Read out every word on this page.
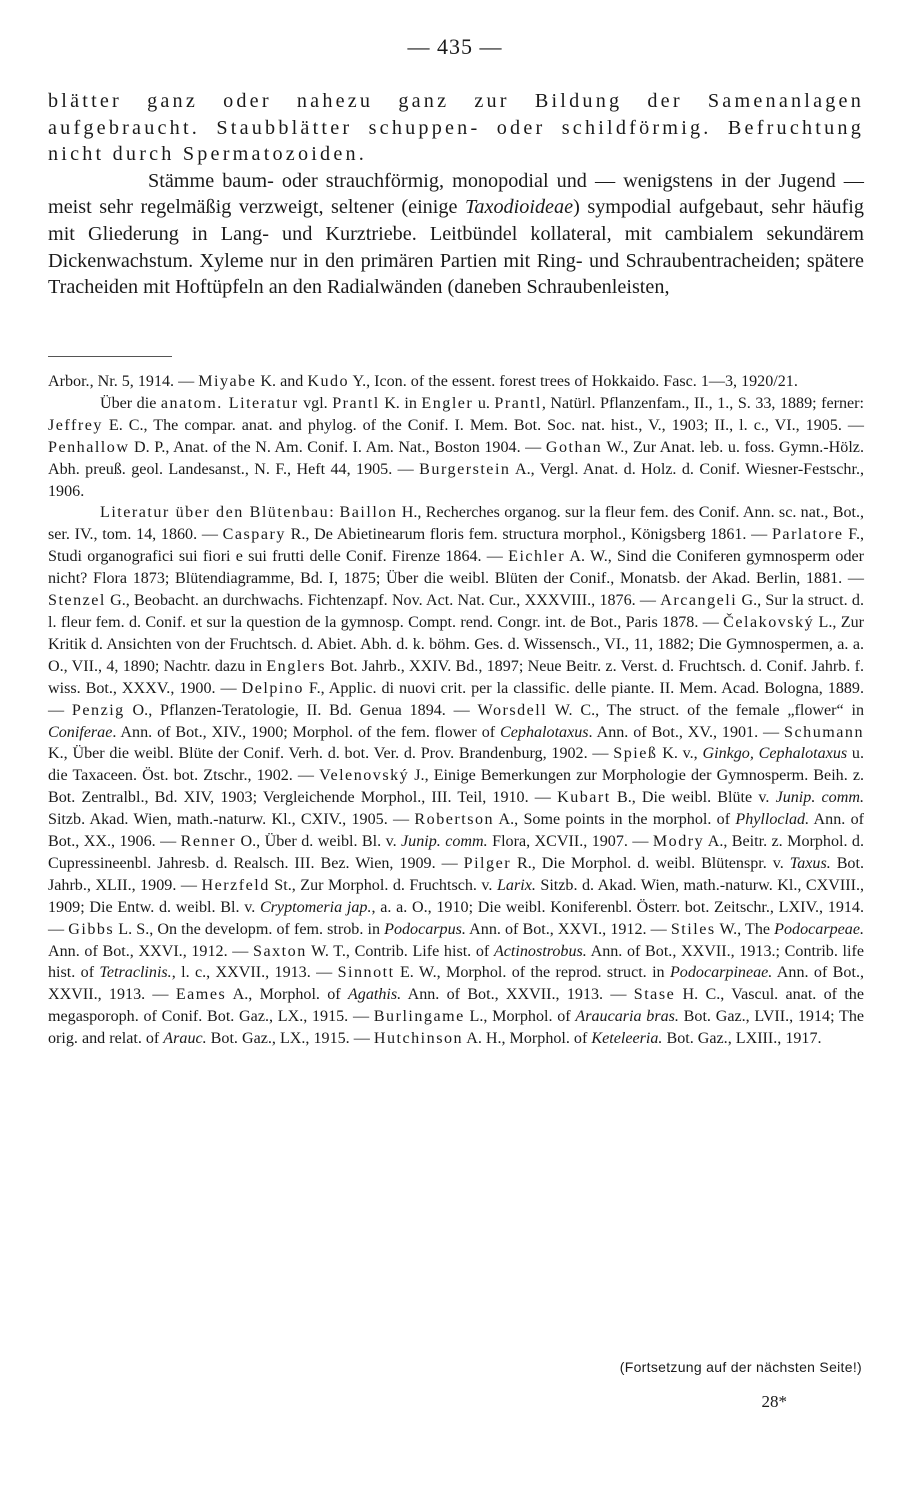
— 435 —

blätter ganz oder nahezu ganz zur Bildung der Samenanlagen aufgebraucht. Staubblätter schuppen- oder schildförmig. Befruchtung nicht durch Spermatozoiden.

Stämme baum- oder strauchförmig, monopodial und — wenigstens in der Jugend — meist sehr regelmäßig verzweigt, seltener (einige Taxodioideae) sympodial aufgebaut, sehr häufig mit Gliederung in Lang- und Kurztriebe. Leitbündel kollateral, mit cambialem sekundärem Dickenwachstum. Xyleme nur in den primären Partien mit Ring- und Schraubentracheiden; spätere Tracheiden mit Hoftüpfeln an den Radialwänden (daneben Schraubenleisten,

Arbor., Nr. 5, 1914. — Miyabe K. and Kudo Y., Icon. of the essent. forest trees of Hokkaido. Fasc. 1—3, 1920/21.

Über die anatom. Literatur vgl. Prantl K. in Engler u. Prantl, Natürl. Pflanzenfam., II., 1., S. 33, 1889; ferner: Jeffrey E. C., The compar. anat. and phylog. of the Conif. I. Mem. Bot. Soc. nat. hist., V., 1903; II., l. c., VI., 1905. — Penhallow D. P., Anat. of the N. Am. Conif. I. Am. Nat., Boston 1904. — Gothan W., Zur Anat. leb. u. foss. Gymn.-Hölz. Abh. preuß. geol. Landesanst., N. F., Heft 44, 1905. — Burgerstein A., Vergl. Anat. d. Holz. d. Conif. Wiesner-Festschr., 1906.

Literatur über den Blütenbau: Baillon H., Recherches organog. sur la fleur fem. des Conif. Ann. sc. nat., Bot., ser. IV., tom. 14, 1860. — Caspary R., De Abietinearum floris fem. structura morphol., Königsberg 1861. — Parlatore F., Studi organografici sui fiori e sui frutti delle Conif. Firenze 1864. — Eichler A. W., Sind die Coniferen gymnosperm oder nicht? Flora 1873; Blütendiagramme, Bd. I, 1875; Über die weibl. Blüten der Conif., Monatsb. der Akad. Berlin, 1881. — Stenzel G., Beobacht. an durchwachs. Fichtenzapf. Nov. Act. Nat. Cur., XXXVIII., 1876. — Arcangeli G., Sur la struct. d. l. fleur fem. d. Conif. et sur la question de la gymnosp. Compt. rend. Congr. int. de Bot., Paris 1878. — Čelakovský L., Zur Kritik d. Ansichten von der Fruchtsch. d. Abiet. Abh. d. k. böhm. Ges. d. Wissensch., VI., 11, 1882; Die Gymnospermen, a. a. O., VII., 4, 1890; Nachtr. dazu in Englers Bot. Jahrb., XXIV. Bd., 1897; Neue Beitr. z. Verst. d. Fruchtsch. d. Conif. Jahrb. f. wiss. Bot., XXXV., 1900. — Delpino F., Applic. di nuovi crit. per la classific. delle piante. II. Mem. Acad. Bologna, 1889. — Penzig O., Pflanzen-Teratologie, II. Bd. Genua 1894. — Worsdell W. C., The struct. of the female „flower“ in Coniferae. Ann. of Bot., XIV., 1900; Morphol. of the fem. flower of Cephalotaxus. Ann. of Bot., XV., 1901. — Schumann K., Über die weibl. Blüte der Conif. Verh. d. bot. Ver. d. Prov. Brandenburg, 1902. — Spieß K. v., Ginkgo, Cephalotaxus u. die Taxaceen. Öst. bot. Ztschr., 1902. — Velenovský J., Einige Bemerkungen zur Morphologie der Gymnosperm. Beih. z. Bot. Zentralbl., Bd. XIV, 1903; Vergleichende Morphol., III. Teil, 1910. — Kubart B., Die weibl. Blüte v. Junip. comm. Sitzb. Akad. Wien, math.-naturw. Kl., CXIV., 1905. — Robertson A., Some points in the morphol. of Phylloclad. Ann. of Bot., XX., 1906. — Renner O., Über d. weibl. Bl. v. Junip. comm. Flora, XCVII., 1907. — Modry A., Beitr. z. Morphol. d. Cupressineenbl. Jahresb. d. Realsch. III. Bez. Wien, 1909. — Pilger R., Die Morphol. d. weibl. Blütenspr. v. Taxus. Bot. Jahrb., XLII., 1909. — Herzfeld St., Zur Morphol. d. Fruchtsch. v. Larix. Sitzb. d. Akad. Wien, math.-naturw. Kl., CXVIII., 1909; Die Entw. d. weibl. Bl. v. Cryptomeria jap., a. a. O., 1910; Die weibl. Koniferenbl. Österr. bot. Zeitschr., LXIV., 1914. — Gibbs L. S., On the developm. of fem. strob. in Podocarpus. Ann. of Bot., XXVI., 1912. — Stiles W., The Podocarpeae. Ann. of Bot., XXVI., 1912. — Saxton W. T., Contrib. Life hist. of Actinostrobus. Ann. of Bot., XXVII., 1913.; Contrib. life hist. of Tetraclinis., l. c., XXVII., 1913. — Sinnott E. W., Morphol. of the reprod. struct. in Podocarpineae. Ann. of Bot., XXVII., 1913. — Eames A., Morphol. of Agathis. Ann. of Bot., XXVII., 1913. — Stase H. C., Vascul. anat. of the megasporoph. of Conif. Bot. Gaz., LX., 1915. — Burlingame L., Morphol. of Araucaria bras. Bot. Gaz., LVII., 1914; The orig. and relat. of Arauc. Bot. Gaz., LX., 1915. — Hutchinson A. H., Morphol. of Keteleeria. Bot. Gaz., LXIII., 1917.

(Fortsetzung auf der nächsten Seite!)
28*
